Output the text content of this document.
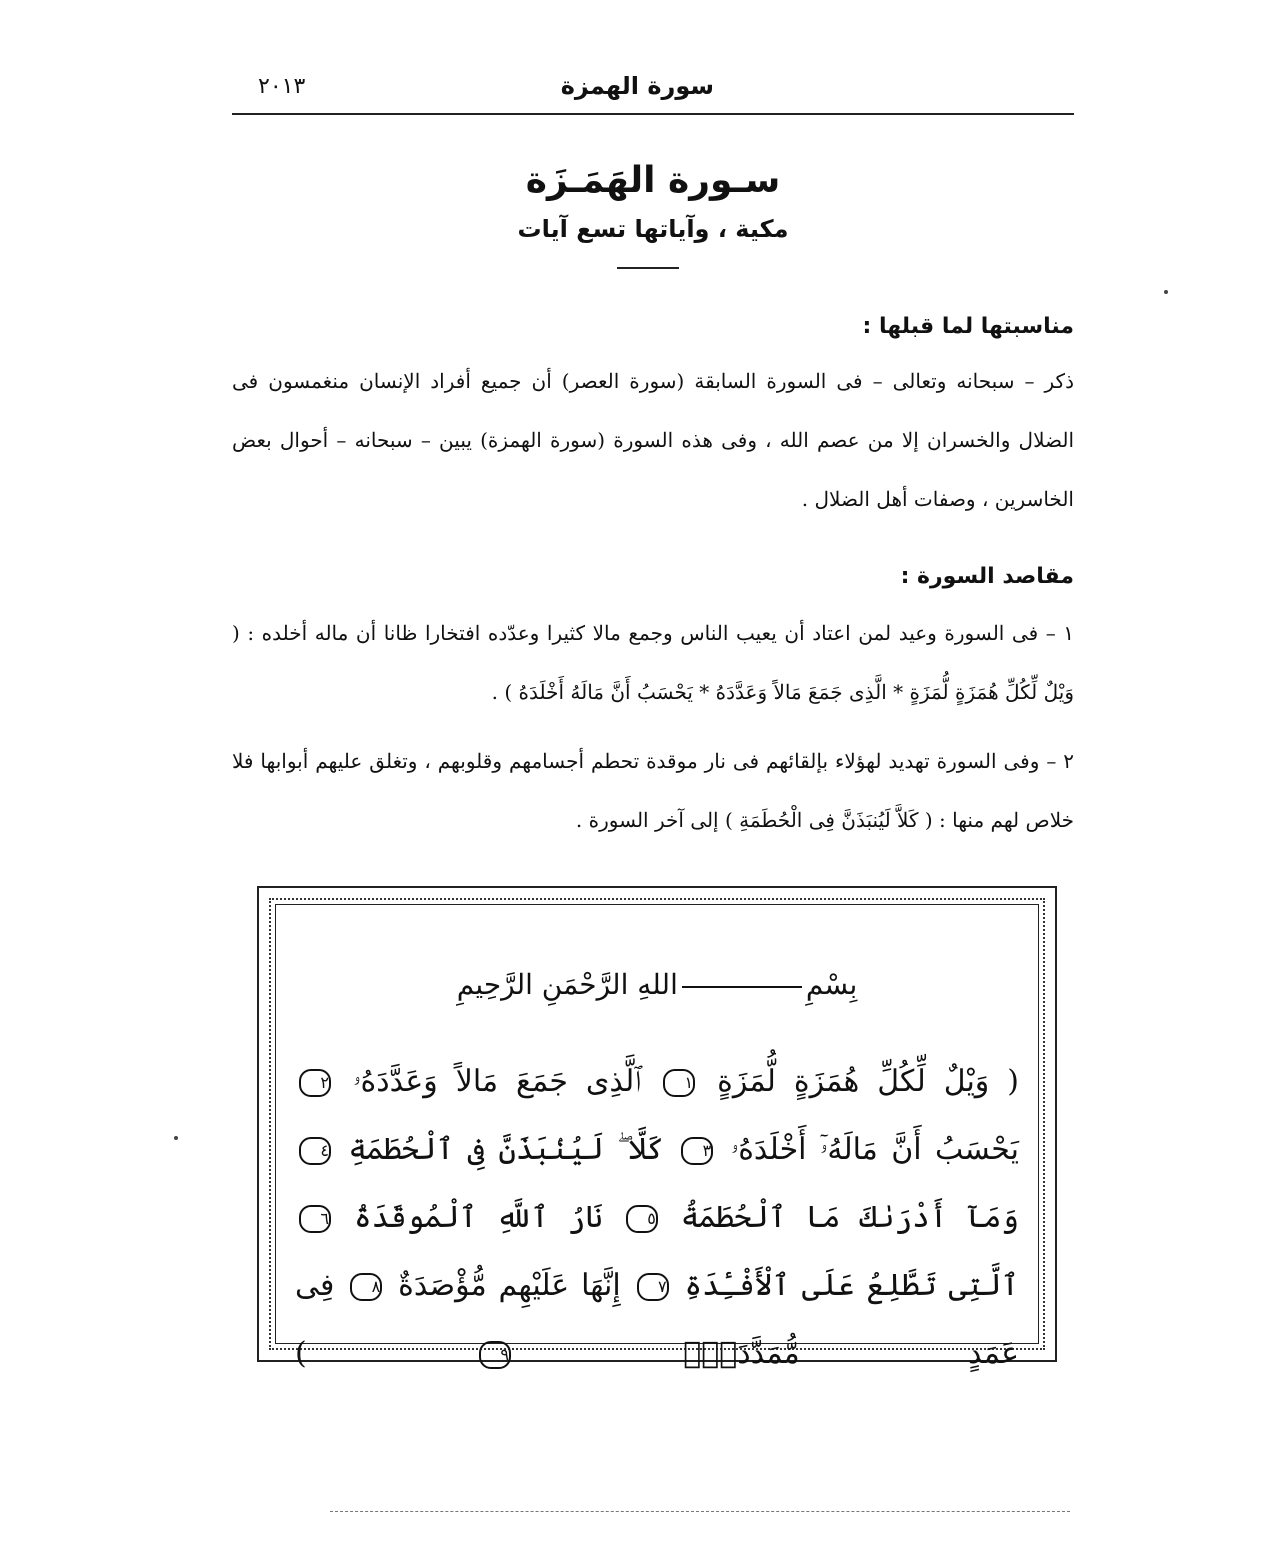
سورة الهمزة
٢٠١٣
سـورة الهَمَـزَة
مكية ، وآياتها تسع آيات
مناسبتها لما قبلها :
ذكر – سبحانه وتعالى – فى السورة السابقة (سورة العصر) أن جميع أفراد الإنسان منغمسون فى الضلال والخسران إلا من عصم الله ، وفى هذه السورة (سورة الهمزة) يبين – سبحانه – أحوال بعض الخاسرين ، وصفات أهل الضلال .
مقاصد السورة :
١ – فى السورة وعيد لمن اعتاد أن يعيب الناس وجمع مالا كثيرا وعدّده افتخارا ظانا أن ماله أخلده : ( وَيْلٌ لِّكُلِّ هُمَزَةٍ لُّمَزَةٍ * الَّذِى جَمَعَ مَالاً وَعَدَّدَهُ * يَحْسَبُ أَنَّ مَالَهُ أَخْلَدَهُ ) .
٢ – وفى السورة تهديد لهؤلاء بإلقائهم فى نار موقدة تحطم أجسامهم وقلوبهم ، وتغلق عليهم أبوابها فلا خلاص لهم منها : ( كَلاَّ لَيُنبَذَنَّ فِى الْحُطَمَةِ ) إلى آخر السورة .
بِسْمِاللهِ الرَّحْمَنِ الرَّحِيمِ
( وَيْلٌ لِّكُلِّ هُمَزَةٍ لُّمَزَةٍ ١ ٱلَّذِى جَمَعَ مَالاً وَعَدَّدَهُۥ ٢ يَحْسَبُ أَنَّ مَالَهُۥٓ أَخْلَدَهُۥ ٣ كَلَّا ۖ لَيُنۢبَذَنَّ فِى ٱلْحُطَمَةِ ٤ وَمَآ أَدْرَىٰكَ مَا ٱلْحُطَمَةُ ٥ نَارُ ٱللَّهِ ٱلْمُوقَدَةُ ٦ ٱلَّتِى تَطَّلِعُ عَلَى ٱلْأَفْـِٔدَةِ ٧ إِنَّهَا عَلَيْهِم مُّؤْصَدَةٌ ٨ فِى عَمَدٍ مُّمَدَّدَةٍۭ ٩ )
